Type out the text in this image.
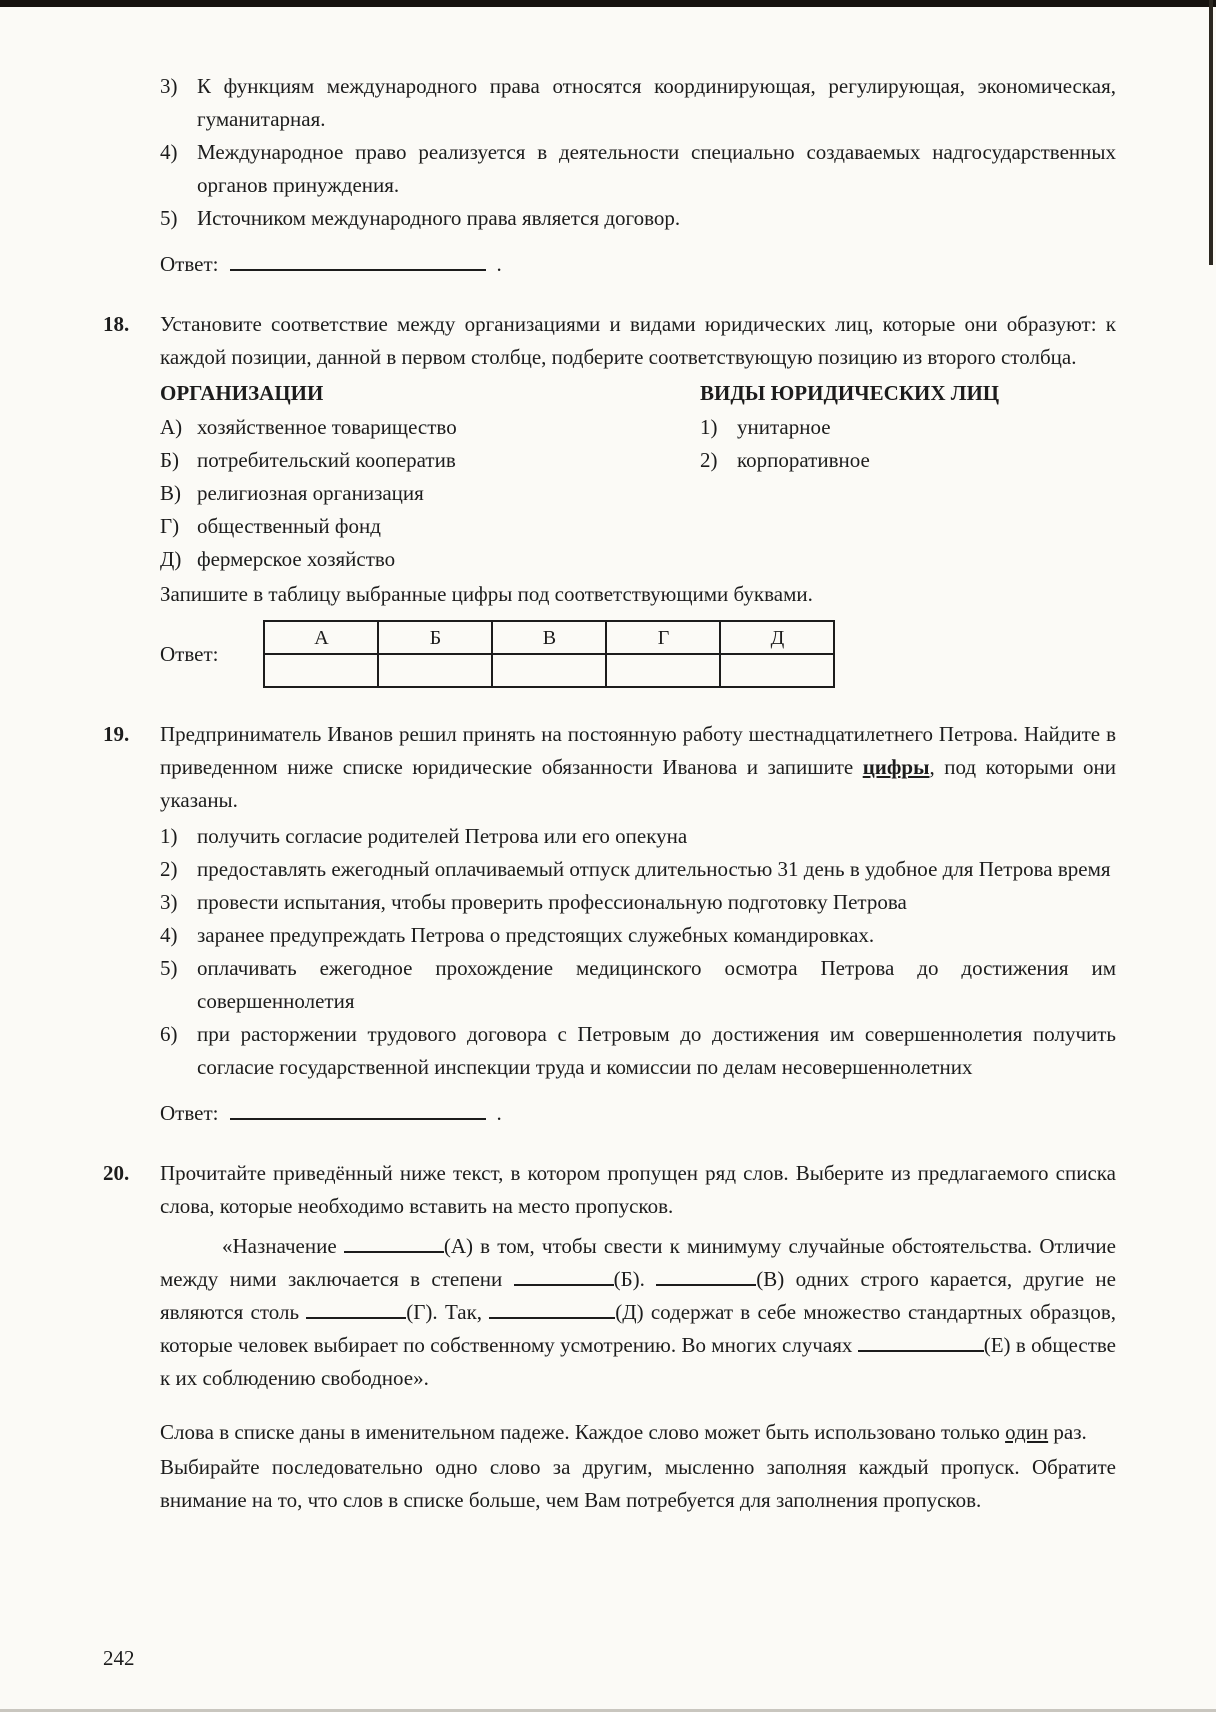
3) К функциям международного права относятся координирующая, регулирующая, экономическая, гуманитарная.
4) Международное право реализуется в деятельности специально создаваемых надгосударственных органов принуждения.
5) Источником международного права является договор.
Ответ:	.
18.	Установите соответствие между организациями и видами юридических лиц, которые они образуют: к каждой позиции, данной в первом столбце, подберите соответствующую позицию из второго столбца.
ОРГАНИЗАЦИИ
А) хозяйственное товарищество
Б) потребительский кооператив
В) религиозная организация
Г) общественный фонд
Д) фермерское хозяйство
ВИДЫ ЮРИДИЧЕСКИХ ЛИЦ
1) унитарное
2) корпоративное
Запишите в таблицу выбранные цифры под соответствующими буквами.
Ответ:
А	Б	В	Г	Д

19.	Предприниматель Иванов решил принять на постоянную работу шестнадцатилетнего Петрова. Найдите в приведенном ниже списке юридические обязанности Иванова и запишите цифры, под которыми они указаны.
1) получить согласие родителей Петрова или его опекуна
2) предоставлять ежегодный оплачиваемый отпуск длительностью 31 день в удобное для Петрова время
3) провести испытания, чтобы проверить профессиональную подготовку Петрова
4) заранее предупреждать Петрова о предстоящих служебных командировках.
5) оплачивать ежегодное прохождение медицинского осмотра Петрова до достижения им совершеннолетия
6) при расторжении трудового договора с Петровым до достижения им совершеннолетия получить согласие государственной инспекции труда и комиссии по делам несовершеннолетних
Ответ:	.
20.	Прочитайте приведённый ниже текст, в котором пропущен ряд слов. Выберите из предлагаемого списка слова, которые необходимо вставить на место пропусков.

«Назначение	(А) в том, чтобы свести к минимуму случайные обстоятельства. Отличие между ними заключается в степени	(Б).	(В) одних строго карается, другие не являются столь	(Г). Так,	(Д) содержат в себе множество стандартных образцов, которые человек выбирает по собственному усмотрению. Во многих случаях	(Е) в обществе к их соблюдению свободное».

Слова в списке даны в именительном падеже. Каждое слово может быть использовано только один раз.
Выбирайте последовательно одно слово за другим, мысленно заполняя каждый пропуск. Обратите внимание на то, что слов в списке больше, чем Вам потребуется для заполнения пропусков.
242
